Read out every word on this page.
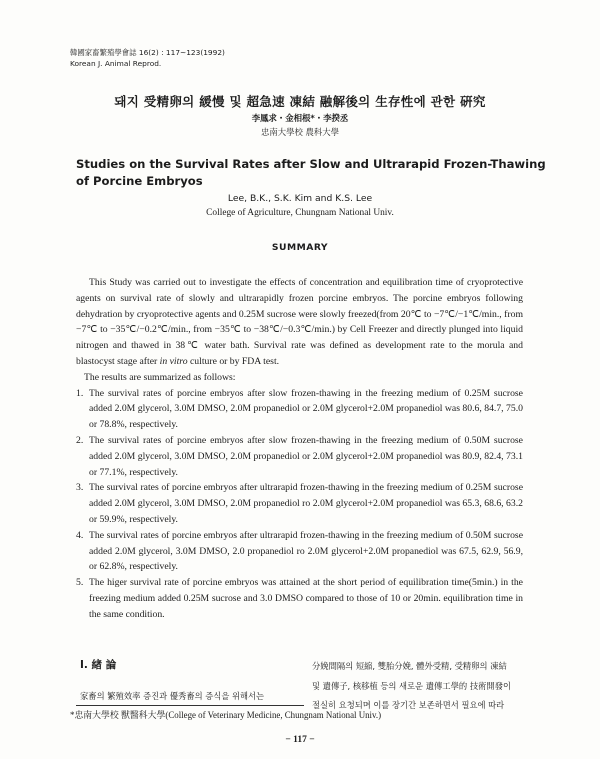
韓國家畜繁殖學會誌 16(2) : 117~123(1992)
Korean J. Animal Reprod.
돼지 受精卵의 緩慢 및 超急速 凍結 融解後의 生存性에 관한 硏究
李鳳求・金相根*・李揆丞
忠南大學校 農科大學
Studies on the Survival Rates after Slow and Ultrarapid Frozen-Thawing of Porcine Embryos
Lee, B.K., S.K. Kim and K.S. Lee
College of Agriculture, Chungnam National Univ.
SUMMARY

This Study was carried out to investigate the effects of concentration and equilibration time of cryoprotective agents on survival rate of slowly and ultrarapidly frozen porcine embryos. The porcine embryos following dehydration by cryoprotective agents and 0.25M sucrose were slowly freezed(from 20℃ to −7℃/−1℃/min., from −7℃ to −35℃/−0.2℃/min., from −35℃ to −38℃/−0.3℃/min.) by Cell Freezer and directly plunged into liquid nitrogen and thawed in 38℃ water bath. Survival rate was defined as development rate to the morula and blastocyst stage after in vitro culture or by FDA test.

The results are summarized as follows:

1. The survival rates of porcine embryos after slow frozen-thawing in the freezing medium of 0.25M sucrose added 2.0M glycerol, 3.0M DMSO, 2.0M propanediol or 2.0M glycerol+2.0M propanediol was 80.6, 84.7, 75.0 or 78.8%, respectively.
2. The survival rates of porcine embryos after slow frozen-thawing in the freezing medium of 0.50M sucrose added 2.0M glycerol, 3.0M DMSO, 2.0M propanediol or 2.0M glycerol+2.0M propanediol was 80.9, 82.4, 73.1 or 77.1%, respectively.
3. The survival rates of porcine embryos after ultrarapid frozen-thawing in the freezing medium of 0.25M sucrose added 2.0M glycerol, 3.0M DMSO, 2.0M propanediol ro 2.0M glycerol+2.0M propanediol was 65.3, 68.6, 63.2 or 59.9%, respectively.
4. The survival rates of porcine embryos after ultrarapid frozen-thawing in the freezing medium of 0.50M sucrose added 2.0M glycerol, 3.0M DMSO, 2.0 propanediol ro 2.0M glycerol+2.0M propanediol was 67.5, 62.9, 56.9, or 62.8%, respectively.
5. The higer survival rate of porcine embryos was attained at the short period of equilibration time(5min.) in the freezing medium added 0.25M sucrose and 3.0 DMSO compared to those of 10 or 20min. equilibration time in the same condition.
Ⅰ. 緖 論	分娩間隔의 短縮, 雙胎分娩, 體外受精, 受精卵의 凍結
및 遺傳子, 核移植 등의 새로운 遺傳工學的 技術開發이
절실히 요청되며 이를 장기간 보존하면서 필요에 따라
家畜의 繁殖效率 증진과 優秀畜의 증식을 위해서는
*忠南大學校 獸醫科大學(College of Veterinary Medicine, Chungnam National Univ.)
− 117 −
